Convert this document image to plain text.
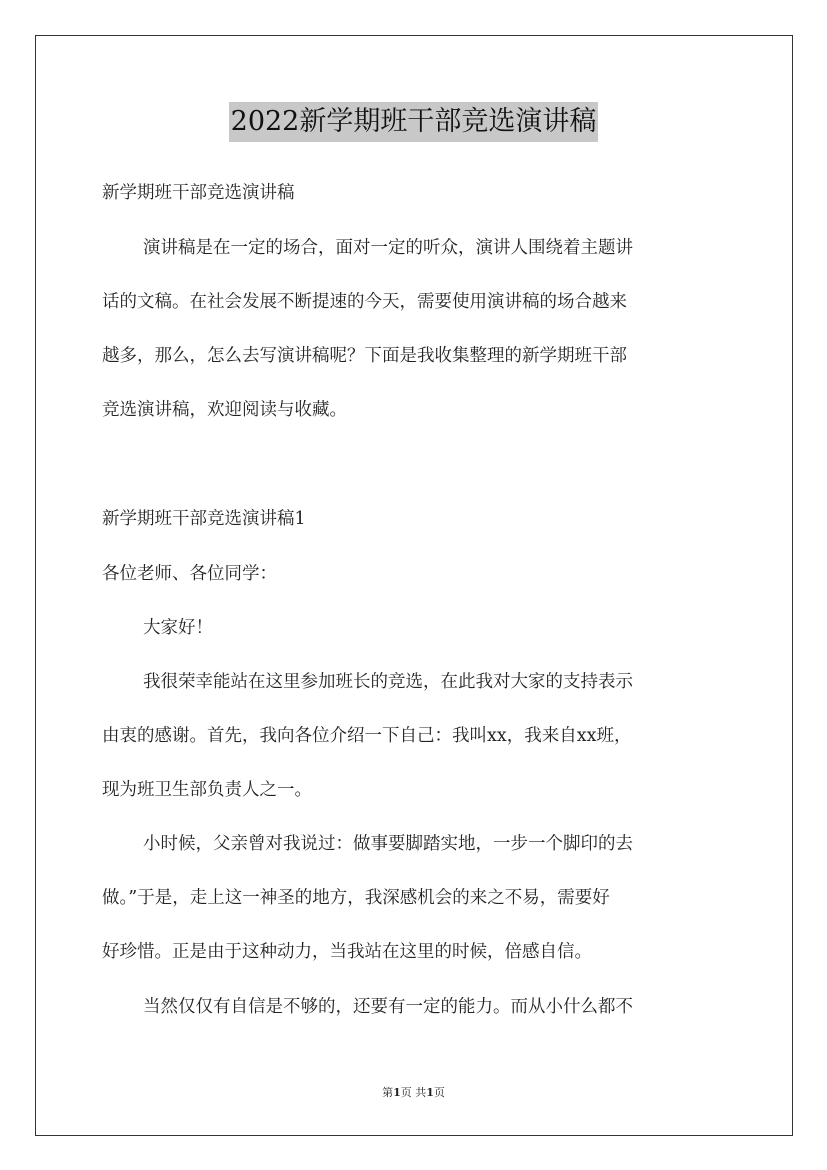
2022新学期班干部竞选演讲稿
新学期班干部竞选演讲稿
演讲稿是在一定的场合，面对一定的听众，演讲人围绕着主题讲
话的文稿。在社会发展不断提速的今天，需要使用演讲稿的场合越来
越多，那么，怎么去写演讲稿呢？下面是我收集整理的新学期班干部
竞选演讲稿，欢迎阅读与收藏。
新学期班干部竞选演讲稿1
各位老师、各位同学：
大家好！
我很荣幸能站在这里参加班长的竞选，在此我对大家的支持表示
由衷的感谢。首先，我向各位介绍一下自己：我叫xx，我来自xx班，
现为班卫生部负责人之一。
小时候，父亲曾对我说过：做事要脚踏实地，一步一个脚印的去
做。”于是，走上这一神圣的地方，我深感机会的来之不易，需要好
好珍惜。正是由于这种动力，当我站在这里的时候，倍感自信。
当然仅仅有自信是不够的，还要有一定的能力。而从小什么都不
第1页 共1页
